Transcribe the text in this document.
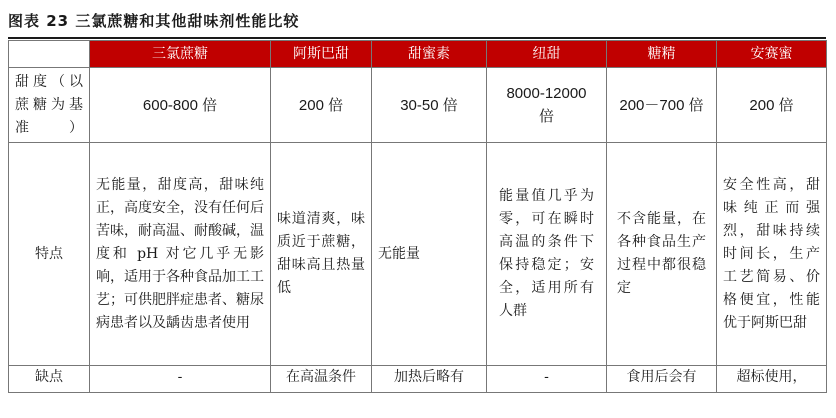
图表 23 三氯蔗糖和其他甜味剂性能比较
	三氯蔗糖	阿斯巴甜	甜蜜素	纽甜	糖精	安赛蜜
甜度（以蔗糖为基准）	600-800 倍	200 倍	30-50 倍	8000-12000 倍	200－700 倍	200 倍
特点	无能量，甜度高，甜味纯正，高度安全，没有任何后苦味，耐高温、耐酸碱，温度和 pH 对它几乎无影响，适用于各种食品加工工艺；可供肥胖症患者、糖尿病患者以及龋齿患者使用	味道清爽，味质近于蔗糖，甜味高且热量低	无能量	能量值几乎为零，可在瞬时高温的条件下保持稳定；安全，适用所有人群	不含能量，在各种食品生产过程中都很稳定	安全性高，甜味纯正而强烈，甜味持续时间长，生产工艺简易、价格便宜，性能优于阿斯巴甜
缺点	-	在高温条件	加热后略有	-	食用后会有	超标使用，
